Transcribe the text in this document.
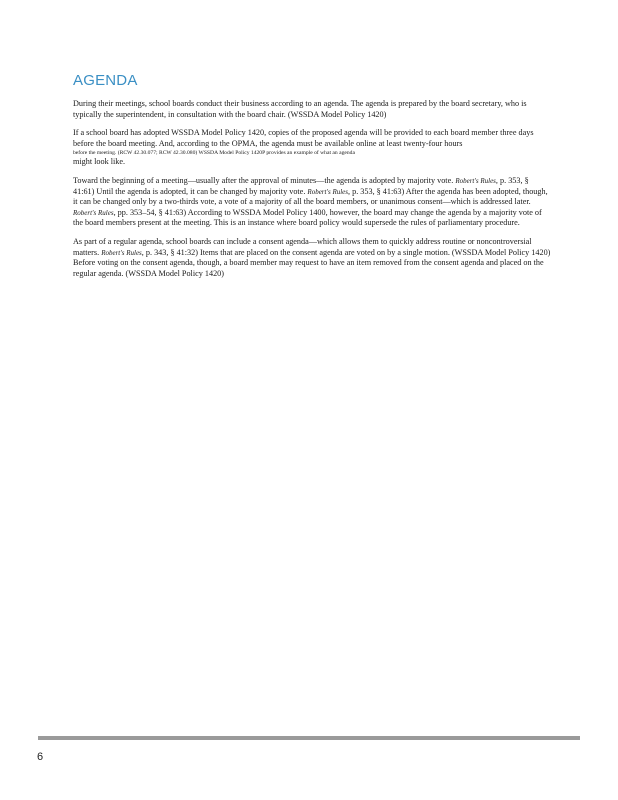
AGENDA

During their meetings, school boards conduct their business according to an agenda. The agenda is prepared by the board secretary, who is typically the superintendent, in consultation with the board chair. (WSSDA Model Policy 1420)

If a school board has adopted WSSDA Model Policy 1420, copies of the proposed agenda will be provided to each board member three days before the board meeting. And, according to the OPMA, the agenda must be available online at least twenty-four hours
before the meeting. (RCW 42.30.077; RCW 42.30.080) WSSDA Model Policy 1420P provides an example of what an agenda
might look like.

Toward the beginning of a meeting—usually after the approval of minutes—the agenda is adopted by majority vote. Robert's Rules, p. 353, § 41:61) Until the agenda is adopted, it can be changed by majority vote. Robert's Rules, p. 353, § 41:63) After the agenda has been adopted, though, it can be changed only by a two-thirds vote, a vote of a majority of all the board members, or unanimous consent—which is addressed later. Robert's Rules, pp. 353–54, § 41:63) According to WSSDA Model Policy 1400, however, the board may change the agenda by a majority vote of the board members present at the meeting. This is an instance where board policy would supersede the rules of parliamentary procedure.

As part of a regular agenda, school boards can include a consent agenda—which allows them to quickly address routine or noncontroversial matters. Robert's Rules, p. 343, § 41:32) Items that are placed on the consent agenda are voted on by a single motion. (WSSDA Model Policy 1420) Before voting on the consent agenda, though, a board member may request to have an item removed from the consent agenda and placed on the regular agenda. (WSSDA Model Policy 1420)

6
